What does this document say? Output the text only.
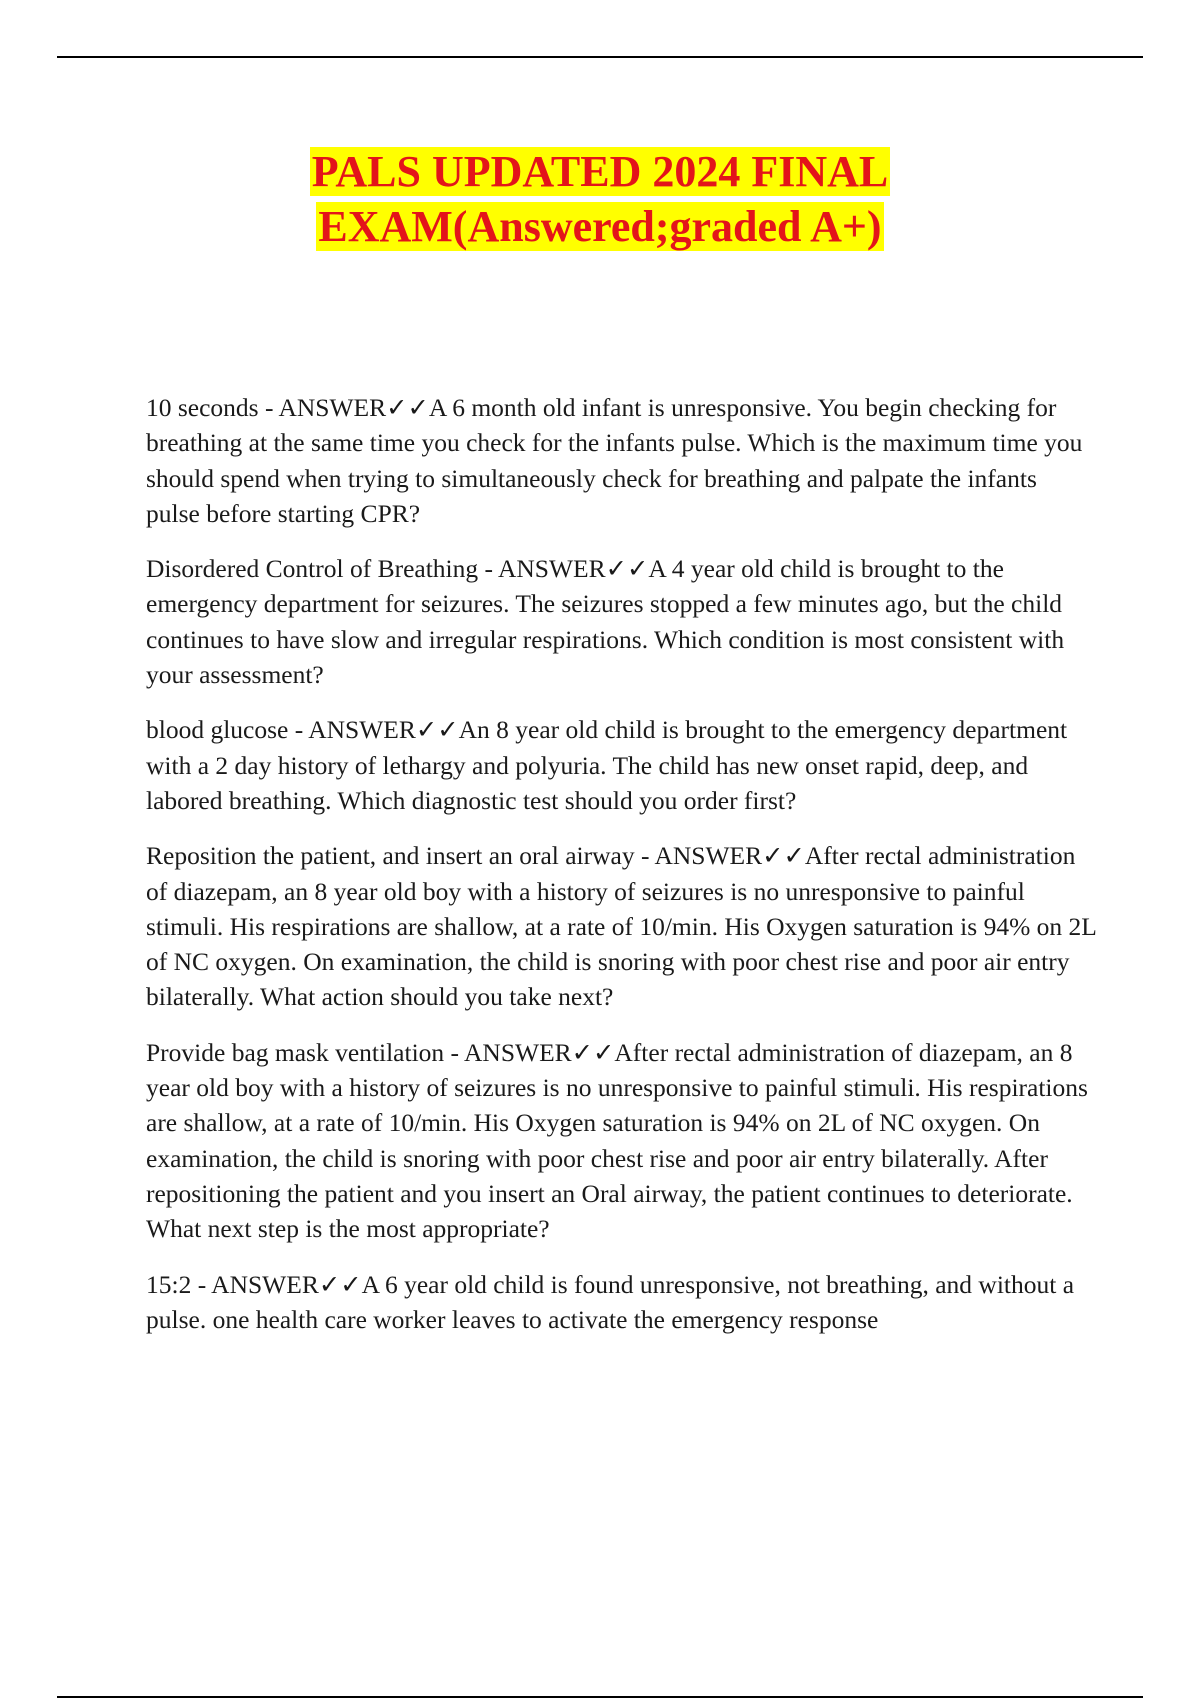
PALS UPDATED 2024 FINAL
EXAM(Answered;graded A+)

10 seconds - ANSWER✓✓A 6 month old infant is unresponsive. You begin checking for breathing at the same time you check for the infants pulse. Which is the maximum time you should spend when trying to simultaneously check for breathing and palpate the infants pulse before starting CPR?

Disordered Control of Breathing - ANSWER✓✓A 4 year old child is brought to the emergency department for seizures. The seizures stopped a few minutes ago, but the child continues to have slow and irregular respirations. Which condition is most consistent with your assessment?

blood glucose - ANSWER✓✓An 8 year old child is brought to the emergency department with a 2 day history of lethargy and polyuria. The child has new onset rapid, deep, and labored breathing. Which diagnostic test should you order first?

Reposition the patient, and insert an oral airway - ANSWER✓✓After rectal administration of diazepam, an 8 year old boy with a history of seizures is no unresponsive to painful stimuli. His respirations are shallow, at a rate of 10/min. His Oxygen saturation is 94% on 2L of NC oxygen. On examination, the child is snoring with poor chest rise and poor air entry bilaterally. What action should you take next?

Provide bag mask ventilation - ANSWER✓✓After rectal administration of diazepam, an 8 year old boy with a history of seizures is no unresponsive to painful stimuli. His respirations are shallow, at a rate of 10/min. His Oxygen saturation is 94% on 2L of NC oxygen. On examination, the child is snoring with poor chest rise and poor air entry bilaterally. After repositioning the patient and you insert an Oral airway, the patient continues to deteriorate. What next step is the most appropriate?

15:2 - ANSWER✓✓A 6 year old child is found unresponsive, not breathing, and without a pulse. one health care worker leaves to activate the emergency response
